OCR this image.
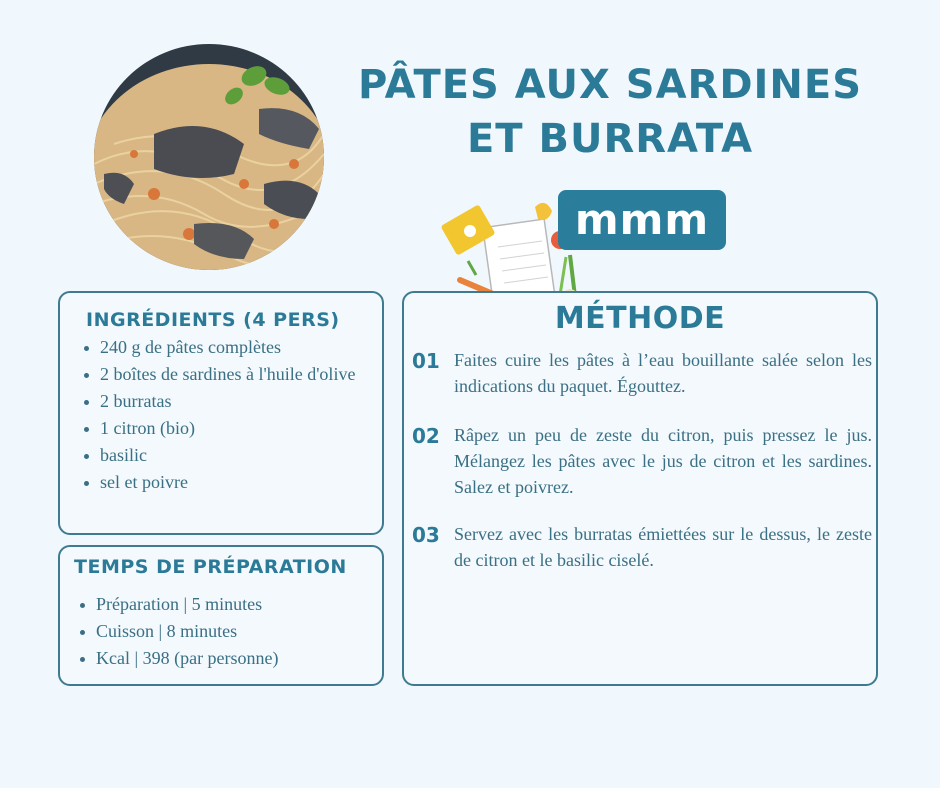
PÂTES AUX SARDINES
ET BURRATA
mmm
INGRÉDIENTS (4 PERS)
240 g de pâtes complètes
2 boîtes de sardines à l'huile d'olive
2 burratas
1 citron (bio)
basilic
sel et poivre
TEMPS DE PRÉPARATION
Préparation | 5 minutes
Cuisson | 8 minutes
Kcal | 398 (par personne)
MÉTHODE
01 Faites cuire les pâtes à l’eau bouillante salée selon les indications du paquet. Égouttez.

02 Râpez un peu de zeste du citron, puis pressez le jus. Mélangez les pâtes avec le jus de citron et les sardines. Salez et poivrez.

03 Servez avec les burratas émiettées sur le dessus, le zeste de citron et le basilic ciselé.
